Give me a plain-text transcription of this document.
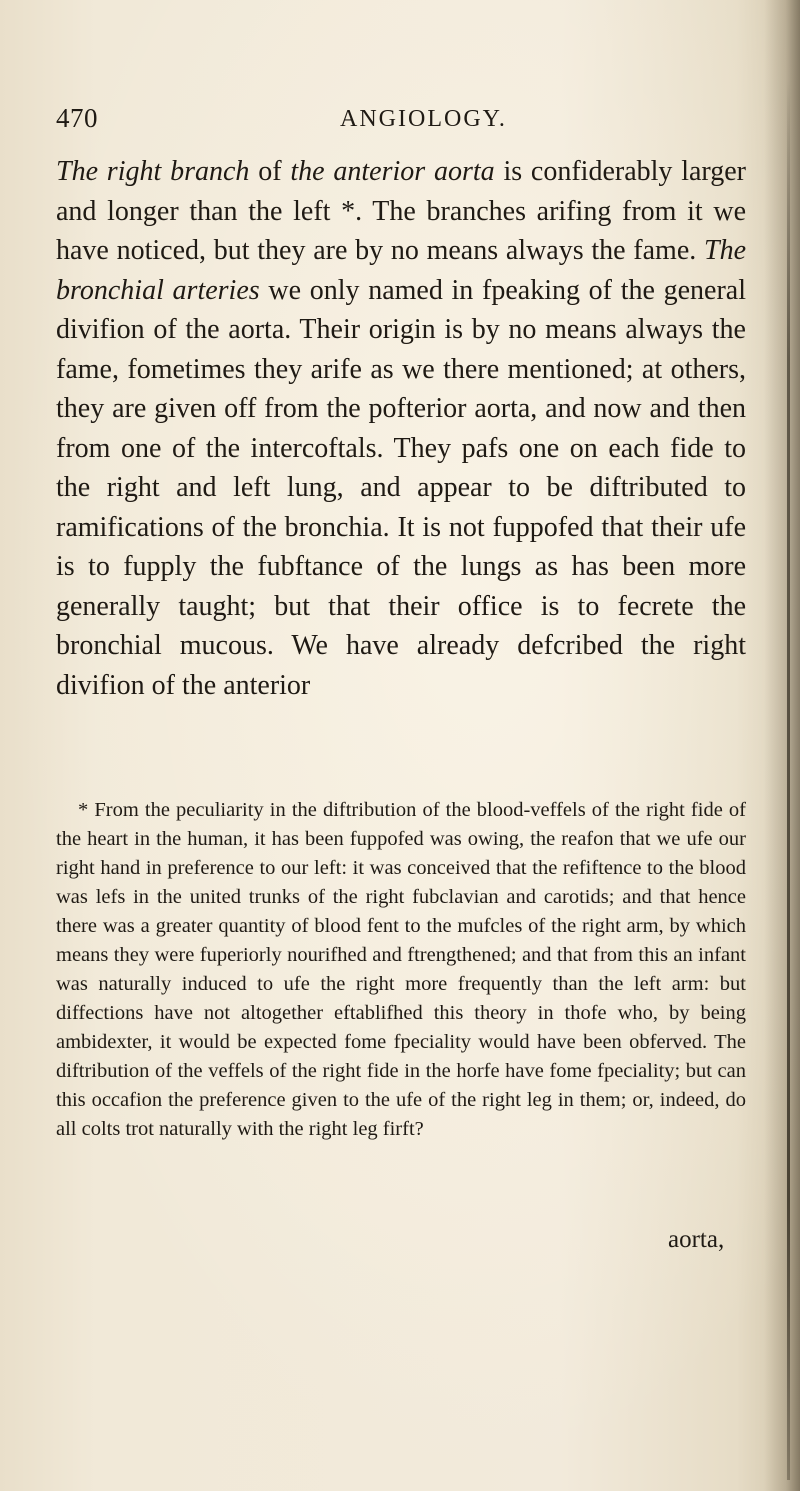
470	ANGIOLOGY.
The right branch of the anterior aorta is confiderably larger and longer than the left *. The branches arifing from it we have noticed, but they are by no means always the fame. The bronchial arteries we only named in fpeaking of the general divifion of the aorta. Their origin is by no means always the fame, fometimes they arife as we there mentioned; at others, they are given off from the pofterior aorta, and now and then from one of the intercoftals. They pafs one on each fide to the right and left lung, and appear to be diftributed to ramifications of the bronchia. It is not fuppofed that their ufe is to fupply the fubftance of the lungs as has been more generally taught; but that their office is to fecrete the bronchial mucous. We have already defcribed the right divifion of the anterior
* From the peculiarity in the diftribution of the blood-veffels of the right fide of the heart in the human, it has been fuppofed was owing, the reafon that we ufe our right hand in preference to our left: it was conceived that the refiftence to the blood was lefs in the united trunks of the right fubclavian and carotids; and that hence there was a greater quantity of blood fent to the mufcles of the right arm, by which means they were fuperiorly nourifhed and ftrengthened; and that from this an infant was naturally induced to ufe the right more frequently than the left arm: but diffections have not altogether eftablifhed this theory in thofe who, by being ambidexter, it would be expected fome fpeciality would have been obferved. The diftribution of the veffels of the right fide in the horfe have fome fpeciality; but can this occafion the preference given to the ufe of the right leg in them; or, indeed, do all colts trot naturally with the right leg firft?
aorta,
